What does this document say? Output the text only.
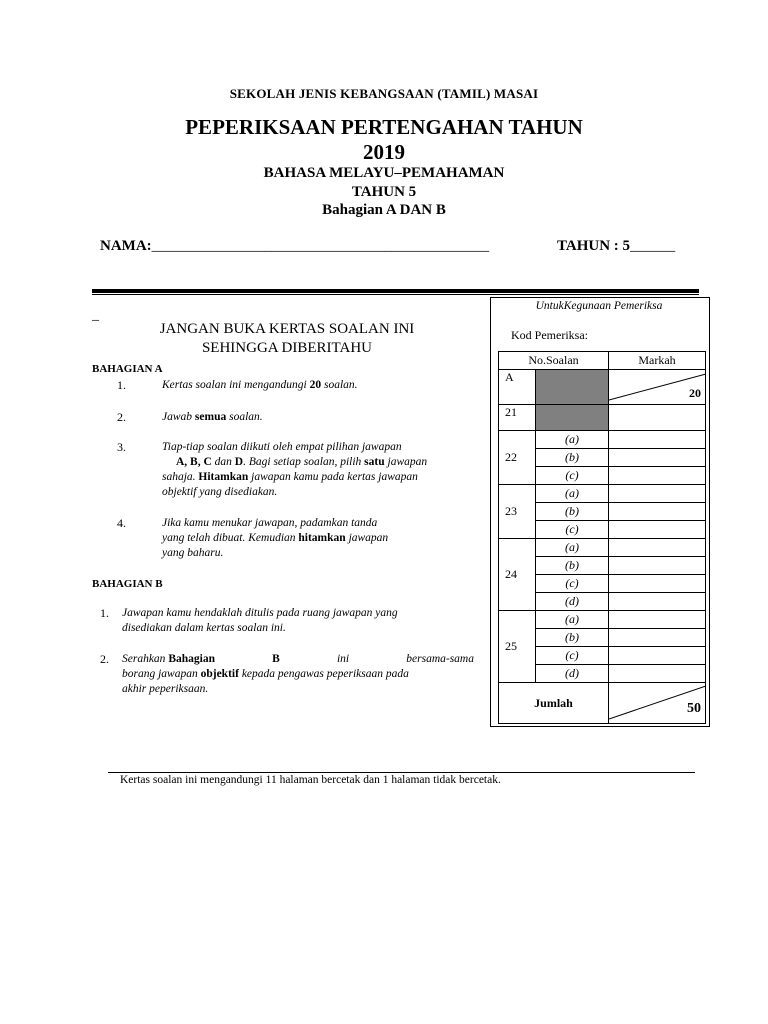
SEKOLAH JENIS KEBANGSAAN (TAMIL) MASAI
PEPERIKSAAN PERTENGAHAN TAHUN
2019
BAHASA MELAYU–PEMAHAMAN
TAHUN 5
Bahagian A DAN B
NAMA:_____________________________________________	TAHUN : 5______
_
JANGAN BUKA KERTAS SOALAN INI
SEHINGGA DIBERITAHU
BAHAGIAN A
1.	Kertas soalan ini mengandungi 20 soalan.
2.	Jawab semua soalan.
3.	Tiap-tiap soalan diikuti oleh empat pilihan jawapan
A, B, C dan D. Bagi setiap soalan, pilih satu jawapan
sahaja. Hitamkan jawapan kamu pada kertas jawapan
objektif yang disediakan.
4.	Jika kamu menukar jawapan, padamkan tanda
yang telah dibuat. Kemudian hitamkan jawapan
yang baharu.
BAHAGIAN B
1. Jawapan kamu hendaklah ditulis pada ruang jawapan yang
disediakan dalam kertas soalan ini.
2. Serahkan Bahagian	B	ini	bersama-sama
borang jawapan objektif kepada pengawas peperiksaan pada
akhir peperiksaan.
UntukKegunaan Pemeriksa
Kod Pemeriksa:
No.Soalan		Markah
A		20

21		
22	(a)	
	(b)	
	(c)	
23	(a)	
	(b)	
	(c)	
24	(a)	
	(b)	
	(c)	
	(d)	
25	(a)	
	(b)	
	(c)	
	(d)	
Jumlah		50
Kertas soalan ini mengandungi 11 halaman bercetak dan 1 halaman tidak bercetak.
